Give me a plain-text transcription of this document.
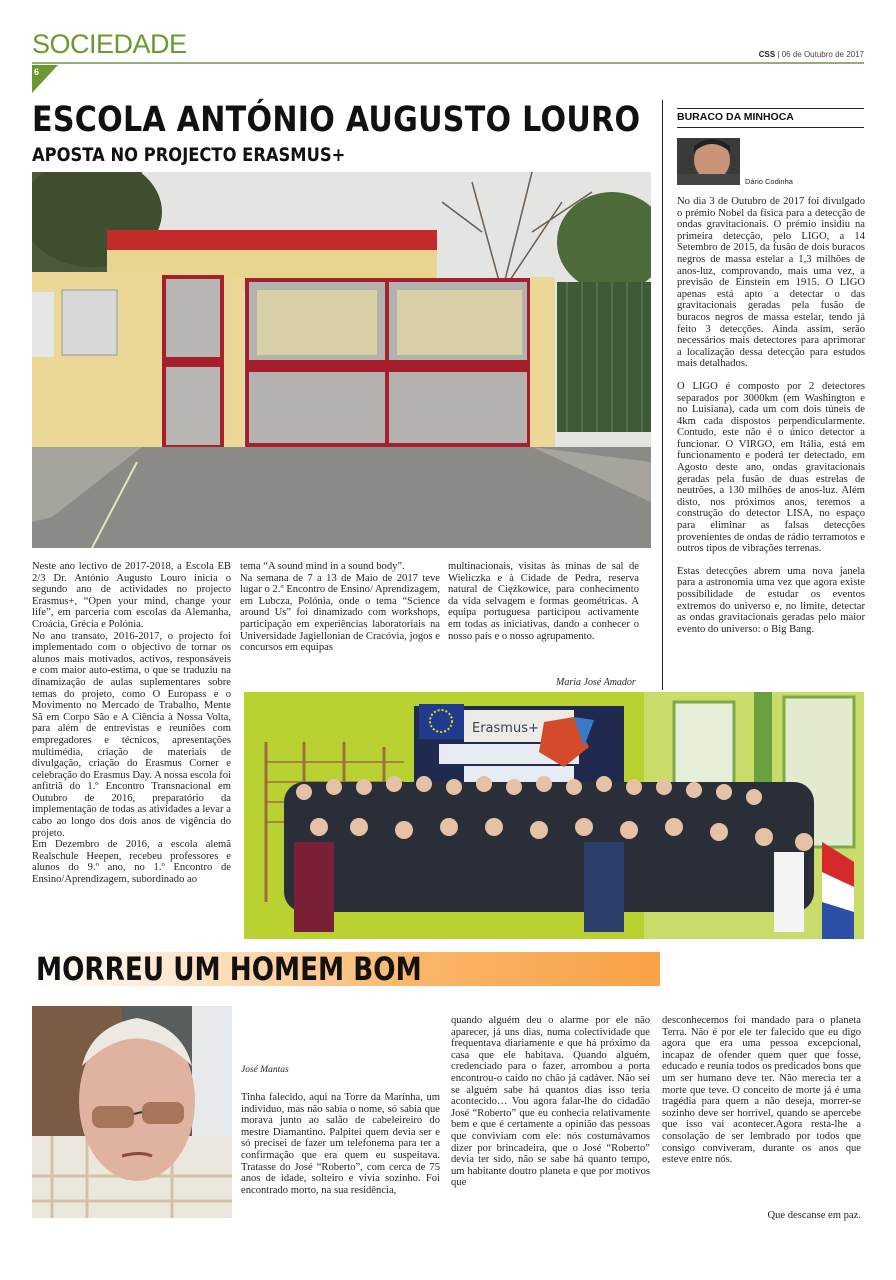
SOCIEDADE	CSS | 06 de Outubro de 2017
6
ESCOLA ANTÓNIO AUGUSTO LOURO
APOSTA NO PROJECTO ERASMUS+

Neste ano lectivo de 2017-2018, a Escola EB 2/3 Dr. António Augusto Louro inicia o segundo ano de actividades no projecto Erasmus+, “Open your mind, change your life”, em parceria com escolas da Alemanha, Croácia, Grécia e Polónia.

No ano transato, 2016-2017, o projecto foi implementado com o objectivo de tornar os alunos mais motivados, activos, responsáveis e com maior auto-estima, o que se traduziu na dinamização de aulas suplementares sobre temas do projeto, como O Europass e o Movimento no Mercado de Trabalho, Mente Sã em Corpo São e A Ciência à Nossa Volta, para além de entrevistas e reuniões com empregadores e técnicos, apresentações multimédia, criação de materiais de divulgação, criação do Erasmus Corner e celebração do Erasmus Day. A nossa escola foi anfitriã do 1.º Encontro Transnacional em Outubro de 2016, preparatório da implementação de todas as atividades a levar a cabo ao longo dos dois anos de vigência do projeto.

Em Dezembro de 2016, a escola alemã Realschule Heepen, recebeu professores e alunos do 9.º ano, no 1.º Encontro de Ensino/Aprendizagem, subordinado ao

tema “A sound mind in a sound body”.

Na semana de 7 a 13 de Maio de 2017 teve lugar o 2.º Encontro de Ensino/ Aprendizagem, em Lubcza, Polónia, onde o tema “Science around Us” foi dinamizado com workshops, participação em experiências laboratoriais na Universidade Jagiellonian de Cracóvia, jogos e concursos em equipas

multinacionais, visitas às minas de sal de Wieliczka e à Cidade de Pedra, reserva natural de Ciężkowice, para conhecimento da vida selvagem e formas geométricas. A equipa portuguesa participou activamente em todas as iniciativas, dando a conhecer o nosso país e o nosso agrupamento.

Maria José Amador
Erasmus+
BURACO DA MINHOCA
Dário Codinha

No dia 3 de Outubro de 2017 foi divulgado o prémio Nobel da física para a detecção de ondas gravitacionais. O prémio insidiu na primeira detecção, pelo LIGO, a 14 Setembro de 2015, da fusão de dois buracos negros de massa estelar a 1,3 milhões de anos-luz, comprovando, mais uma vez, a previsão de Einstein em 1915. O LIGO apenas está apto a detectar o das gravitacionais geradas pela fusão de buracos negros de massa estelar, tendo já feito 3 detecções. Ainda assim, serão necessários mais detectores para aprimorar a localização dessa detecção para estudos mais detalhados.

O LIGO é composto por 2 detectores separados por 3000km (em Washington e no Luisiana), cada um com dois túneis de 4km cada dispostos perpendicularmente. Contudo, este não é o único detector a funcionar. O VIRGO, em Itália, está em funcionamento e poderá ter detectado, em Agosto deste ano, ondas gravitacionais geradas pela fusão de duas estrelas de neutrões, a 130 milhões de anos-luz. Além disto, nos próximos anos, teremos a construção do detector LISA, no espaço para eliminar as falsas detecções provenientes de ondas de rádio terramotos e outros tipos de vibrações terrenas.

Estas detecções abrem uma nova janela para a astronomia uma vez que agora existe possibilidade de estudar os eventos extremos do universo e, no limite, detectar as ondas gravitacionais geradas pelo maior evento do universo: o Big Bang.

MORREU UM HOMEM BOM
José Mantas

Tinha falecido, aqui na Torre da Marinha, um individuo, mas não sabia o nome, só sabia que morava junto ao salão de cabeleireiro do mestre Diamantino. Palpitei quem devia ser e só precisei de fazer um telefonema para ter a confirmação que era quem eu suspeitava. Tratasse do José “Roberto”, com cerca de 75 anos de idade, solteiro e vivia sozinho. Foi encontrado morto, na sua residência,

quando alguém deu o alarme por ele não aparecer, já uns dias, numa colectividade que frequentava diariamente e que há próximo da casa que ele habitava. Quando alguém, credenciado para o fazer, arrombou a porta encontrou-o caído no chão já cadáver. Não sei se alguém sabe há quantos dias isso teria acontecido… Vou agora falar-lhe do cidadão José “Roberto” que eu conhecia relativamente bem e que é certamente a opinião das pessoas que conviviam com ele: nós costumávamos dizer por brincadeira, que o José “Roberto” devia ter sido, não se sabe há quanto tempo, um habitante doutro planeta e que por motivos que

desconhecemos foi mandado para o planeta Terra. Não é por ele ter falecido que eu digo agora que era uma pessoa excepcional, incapaz de ofender quem quer que fosse, educado e reunia todos os predicados bons que um ser humano deve ter. Não merecia ter a morte que teve. O conceito de morte já é uma tragédia para quem a não deseja, morrer-se sozinho deve ser horrível, quando se apercebe que isso vai acontecer.Agora resta-lhe a consolação de ser lembrado por todos que consigo conviveram, durante os anos que esteve entre nós.

Que descanse em paz.
